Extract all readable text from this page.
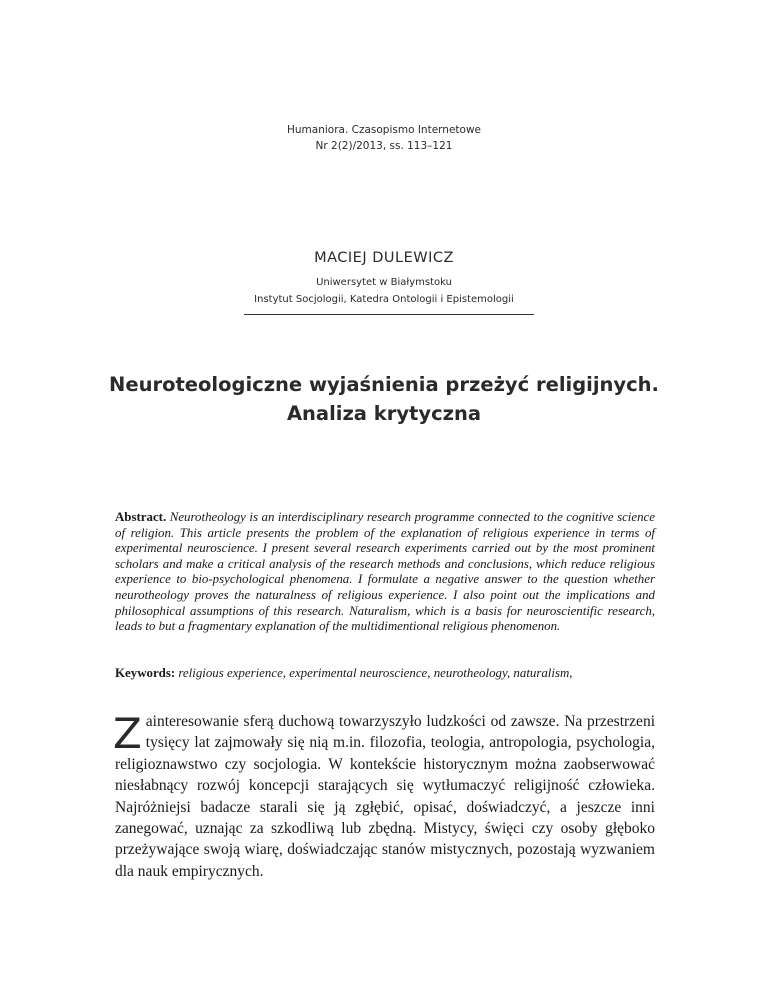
Humaniora. Czasopismo Internetowe
Nr 2(2)/2013, ss. 113–121
MACIEJ DULEWICZ
Uniwersytet w Białymstoku
Instytut Socjologii, Katedra Ontologii i Epistemologii
Neuroteologiczne wyjaśnienia przeżyć religijnych.
Analiza krytyczna
Abstract. Neurotheology is an interdisciplinary research programme connected to the cognitive science of religion. This article presents the problem of the explanation of religious experience in terms of experimental neuroscience. I present several research experiments carried out by the most prominent scholars and make a critical analysis of the research methods and conclusions, which reduce religious experience to bio-psychological phenomena. I formulate a negative answer to the question whether neurotheology proves the naturalness of religious experience. I also point out the implications and philosophical assumptions of this research. Naturalism, which is a basis for neuroscientific research, leads to but a fragmentary explanation of the multidimentional religious phenomenon.
Keywords: religious experience, experimental neuroscience, neurotheology, naturalism,
Zainteresowanie sferą duchową towarzyszyło ludzkości od zawsze. Na przestrzeni tysięcy lat zajmowały się nią m.in. filozofia, teologia, antropologia, psychologia, religioznawstwo czy socjologia. W kontekście historycznym można zaobserwować niesłabnący rozwój koncepcji starających się wytłumaczyć religijność człowieka. Najróżniejsi badacze starali się ją zgłębić, opisać, doświadczyć, a jeszcze inni zanegować, uznając za szkodliwą lub zbędną. Mistycy, święci czy osoby głęboko przeżywające swoją wiarę, doświadczając stanów mistycznych, pozostają wyzwaniem dla nauk empirycznych.
